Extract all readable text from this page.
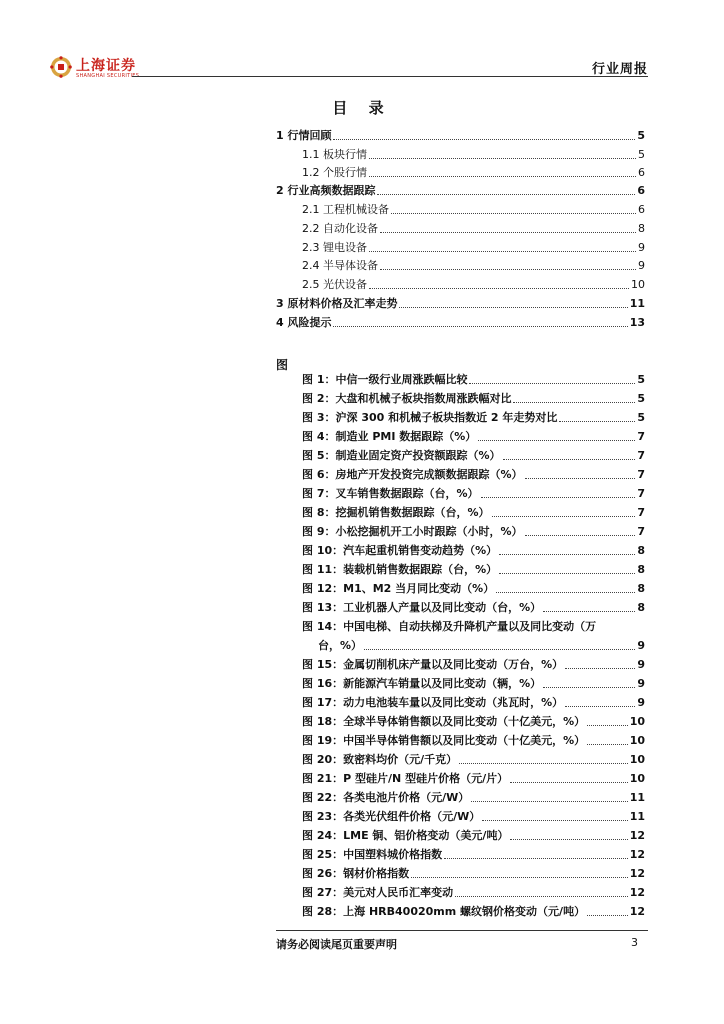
上海证券
SHANGHAI SECURITIES	行业周报
目 录
1 行情回顾	5
1.1 板块行情	5
1.2 个股行情	6
2 行业高频数据跟踪	6
2.1 工程机械设备	6
2.2 自动化设备	8
2.3 锂电设备	9
2.4 半导体设备	9
2.5 光伏设备	10
3 原材料价格及汇率走势	11
4 风险提示	13
图
图 1：中信一级行业周涨跌幅比较	5
图 2：大盘和机械子板块指数周涨跌幅对比	5
图 3：沪深 300 和机械子板块指数近 2 年走势对比	5
图 4：制造业 PMI 数据跟踪（%）	7
图 5：制造业固定资产投资额跟踪（%）	7
图 6：房地产开发投资完成额数据跟踪（%）	7
图 7：叉车销售数据跟踪（台，%）	7
图 8：挖掘机销售数据跟踪（台，%）	7
图 9：小松挖掘机开工小时跟踪（小时，%）	7
图 10：汽车起重机销售变动趋势（%）	8
图 11：装载机销售数据跟踪（台，%）	8
图 12：M1、M2 当月同比变动（%）	8
图 13：工业机器人产量以及同比变动（台，%）	8
图 14：中国电梯、自动扶梯及升降机产量以及同比变动（万
台，%）	9
图 15：金属切削机床产量以及同比变动（万台，%）	9
图 16：新能源汽车销量以及同比变动（辆，%）	9
图 17：动力电池装车量以及同比变动（兆瓦时，%）	9
图 18：全球半导体销售额以及同比变动（十亿美元，%）	10
图 19：中国半导体销售额以及同比变动（十亿美元，%）	10
图 20：致密料均价（元/千克）	10
图 21：P 型硅片/N 型硅片价格（元/片）	10
图 22：各类电池片价格（元/W）	11
图 23：各类光伏组件价格（元/W）	11
图 24：LME 铜、铝价格变动（美元/吨）	12
图 25：中国塑料城价格指数	12
图 26：钢材价格指数	12
图 27：美元对人民币汇率变动	12
图 28：上海 HRB40020mm 螺纹钢价格变动（元/吨）	12
请务必阅读尾页重要声明	3
